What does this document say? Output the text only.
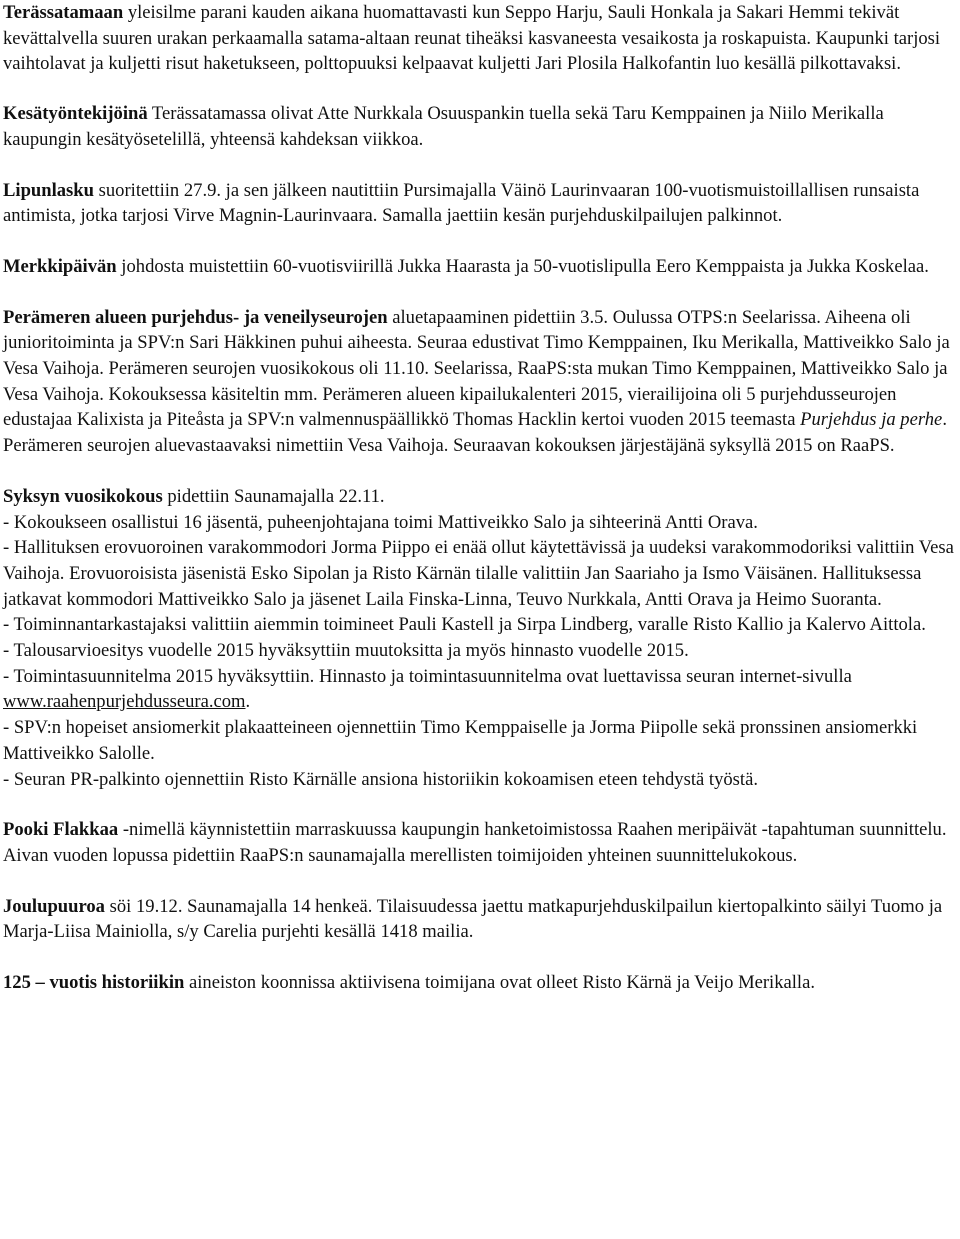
Terässatamaan yleisilme parani kauden aikana huomattavasti kun Seppo Harju, Sauli Honkala ja Sakari Hemmi tekivät kevättalvella suuren urakan perkaamalla satama-altaan reunat tiheäksi kasvaneesta vesaikosta ja roskapuista. Kaupunki tarjosi vaihtolavat ja kuljetti risut haketukseen, polttopuuksi kelpaavat kuljetti Jari Plosila Halkofantin luo kesällä pilkottavaksi.

Kesätyöntekijöinä Terässatamassa olivat Atte Nurkkala Osuuspankin tuella sekä Taru Kemppainen ja Niilo Merikalla kaupungin kesätyösetelillä, yhteensä kahdeksan viikkoa.

Lipunlasku suoritettiin 27.9. ja sen jälkeen nautittiin Pursimajalla Väinö Laurinvaaran 100-vuotismuistoillallisen runsaista antimista, jotka tarjosi Virve Magnin-Laurinvaara. Samalla jaettiin kesän purjehduskilpailujen palkinnot.

Merkkipäivän johdosta muistettiin 60-vuotisviirillä Jukka Haarasta ja 50-vuotislipulla Eero Kemppaista ja Jukka Koskelaa.

Perämeren alueen purjehdus- ja veneilyseurojen aluetapaaminen pidettiin 3.5. Oulussa OTPS:n Seelarissa. Aiheena oli junioritoiminta ja SPV:n Sari Häkkinen puhui aiheesta. Seuraa edustivat Timo Kemppainen, Iku Merikalla, Mattiveikko Salo ja Vesa Vaihoja. Perämeren seurojen vuosikokous oli 11.10. Seelarissa, RaaPS:sta mukan Timo Kemppainen, Mattiveikko Salo ja Vesa Vaihoja. Kokouksessa käsiteltin mm. Perämeren alueen kipailukalenteri 2015, vierailijoina oli 5 purjehdusseurojen edustajaa Kalixista ja Piteåsta ja SPV:n valmennuspäällikkö Thomas Hacklin kertoi vuoden 2015 teemasta Purjehdus ja perhe. Perämeren seurojen aluevastaavaksi nimettiin Vesa Vaihoja. Seuraavan kokouksen järjestäjänä syksyllä 2015 on RaaPS.

Syksyn vuosikokous pidettiin Saunamajalla 22.11.
- Kokoukseen osallistui 16 jäsentä, puheenjohtajana toimi Mattiveikko Salo ja sihteerinä Antti Orava.
- Hallituksen erovuoroinen varakommodori Jorma Piippo ei enää ollut käytettävissä ja uudeksi varakommodoriksi valittiin Vesa Vaihoja. Erovuoroisista jäsenistä Esko Sipolan ja Risto Kärnän tilalle valittiin Jan Saariaho ja Ismo Väisänen. Hallituksessa jatkavat kommodori Mattiveikko Salo ja jäsenet Laila Finska-Linna, Teuvo Nurkkala, Antti Orava ja Heimo Suoranta.
- Toiminnantarkastajaksi valittiin aiemmin toimineet Pauli Kastell ja Sirpa Lindberg, varalle Risto Kallio ja Kalervo Aittola.
- Talousarvioesitys vuodelle 2015 hyväksyttiin muutoksitta ja myös hinnasto vuodelle 2015.
- Toimintasuunnitelma 2015 hyväksyttiin. Hinnasto ja toimintasuunnitelma ovat luettavissa seuran internet-sivulla www.raahenpurjehdusseura.com.
- SPV:n hopeiset ansiomerkit plakaatteineen ojennettiin Timo Kemppaiselle ja Jorma Piipolle sekä pronssinen ansiomerkki Mattiveikko Salolle.
- Seuran PR-palkinto ojennettiin Risto Kärnälle ansiona historiikin kokoamisen eteen tehdystä työstä.

Pooki Flakkaa -nimellä käynnistettiin marraskuussa kaupungin hanketoimistossa Raahen meripäivät -tapahtuman suunnittelu. Aivan vuoden lopussa pidettiin RaaPS:n saunamajalla merellisten toimijoiden yhteinen suunnittelukokous.

Joulupuuroa söi 19.12. Saunamajalla 14 henkeä. Tilaisuudessa jaettu matkapurjehduskilpailun kiertopalkinto säilyi Tuomo ja Marja-Liisa Mainiolla, s/y Carelia purjehti kesällä 1418 mailia.

125 – vuotis historiikin aineiston koonnissa aktiivisena toimijana ovat olleet Risto Kärnä ja Veijo Merikalla.
